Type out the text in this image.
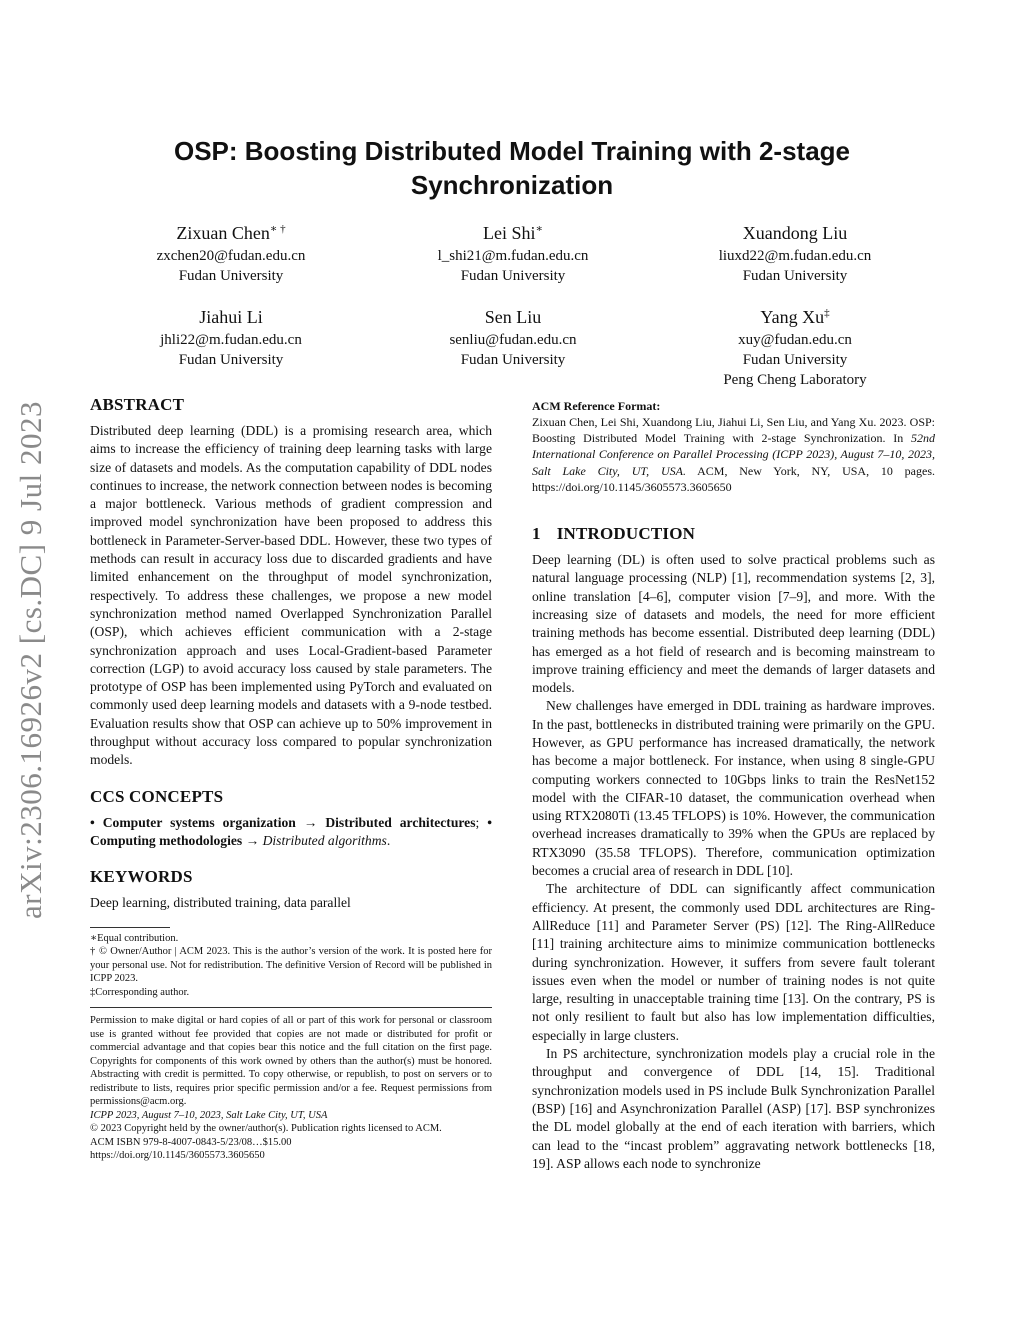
arXiv:2306.16926v2 [cs.DC] 9 Jul 2023
OSP: Boosting Distributed Model Training with 2-stage Synchronization
Zixuan Chen∗ †
zxchen20@fudan.edu.cn
Fudan University
Lei Shi∗
l_shi21@m.fudan.edu.cn
Fudan University
Xuandong Liu
liuxd22@m.fudan.edu.cn
Fudan University
Jiahui Li
jhli22@m.fudan.edu.cn
Fudan University
Sen Liu
senliu@fudan.edu.cn
Fudan University
Yang Xu‡
xuy@fudan.edu.cn
Fudan University
Peng Cheng Laboratory
ABSTRACT

Distributed deep learning (DDL) is a promising research area, which aims to increase the efficiency of training deep learning tasks with large size of datasets and models. As the computation capability of DDL nodes continues to increase, the network connection between nodes is becoming a major bottleneck. Various methods of gradient compression and improved model synchronization have been proposed to address this bottleneck in Parameter-Server-based DDL. However, these two types of methods can result in accuracy loss due to discarded gradients and have limited enhancement on the throughput of model synchronization, respectively. To address these challenges, we propose a new model synchronization method named Overlapped Synchronization Parallel (OSP), which achieves efficient communication with a 2-stage synchronization approach and uses Local-Gradient-based Parameter correction (LGP) to avoid accuracy loss caused by stale parameters. The prototype of OSP has been implemented using PyTorch and evaluated on commonly used deep learning models and datasets with a 9-node testbed. Evaluation results show that OSP can achieve up to 50% improvement in throughput without accuracy loss compared to popular synchronization models.

CCS CONCEPTS

• Computer systems organization → Distributed architectures; • Computing methodologies → Distributed algorithms.

KEYWORDS

Deep learning, distributed training, data parallel

∗Equal contribution.

† © Owner/Author | ACM 2023. This is the author’s version of the work. It is posted here for your personal use. Not for redistribution. The definitive Version of Record will be published in ICPP 2023.

‡Corresponding author.

Permission to make digital or hard copies of all or part of this work for personal or classroom use is granted without fee provided that copies are not made or distributed for profit or commercial advantage and that copies bear this notice and the full citation on the first page. Copyrights for components of this work owned by others than the author(s) must be honored. Abstracting with credit is permitted. To copy otherwise, or republish, to post on servers or to redistribute to lists, requires prior specific permission and/or a fee. Request permissions from permissions@acm.org.

ICPP 2023, August 7–10, 2023, Salt Lake City, UT, USA

© 2023 Copyright held by the owner/author(s). Publication rights licensed to ACM.

ACM ISBN 979-8-4007-0843-5/23/08…$15.00

https://doi.org/10.1145/3605573.3605650

ACM Reference Format:

Zixuan Chen, Lei Shi, Xuandong Liu, Jiahui Li, Sen Liu, and Yang Xu. 2023. OSP: Boosting Distributed Model Training with 2-stage Synchronization. In 52nd International Conference on Parallel Processing (ICPP 2023), August 7–10, 2023, Salt Lake City, UT, USA. ACM, New York, NY, USA, 10 pages. https://doi.org/10.1145/3605573.3605650

1 INTRODUCTION

Deep learning (DL) is often used to solve practical problems such as natural language processing (NLP) [1], recommendation systems [2, 3], online translation [4–6], computer vision [7–9], and more. With the increasing size of datasets and models, the need for more efficient training methods has become essential. Distributed deep learning (DDL) has emerged as a hot field of research and is becoming mainstream to improve training efficiency and meet the demands of larger datasets and models.

New challenges have emerged in DDL training as hardware improves. In the past, bottlenecks in distributed training were primarily on the GPU. However, as GPU performance has increased dramatically, the network has become a major bottleneck. For instance, when using 8 single-GPU computing workers connected to 10Gbps links to train the ResNet152 model with the CIFAR-10 dataset, the communication overhead when using RTX2080Ti (13.45 TFLOPS) is 10%. However, the communication overhead increases dramatically to 39% when the GPUs are replaced by RTX3090 (35.58 TFLOPS). Therefore, communication optimization becomes a crucial area of research in DDL [10].

The architecture of DDL can significantly affect communication efficiency. At present, the commonly used DDL architectures are Ring-AllReduce [11] and Parameter Server (PS) [12]. The Ring-AllReduce [11] training architecture aims to minimize communication bottlenecks during synchronization. However, it suffers from severe fault tolerant issues even when the model or number of training nodes is not quite large, resulting in unacceptable training time [13]. On the contrary, PS is not only resilient to fault but also has low implementation difficulties, especially in large clusters.

In PS architecture, synchronization models play a crucial role in the throughput and convergence of DDL [14, 15]. Traditional synchronization models used in PS include Bulk Synchronization Parallel (BSP) [16] and Asynchronization Parallel (ASP) [17]. BSP synchronizes the DL model globally at the end of each iteration with barriers, which can lead to the “incast problem” aggravating network bottlenecks [18, 19]. ASP allows each node to synchronize
